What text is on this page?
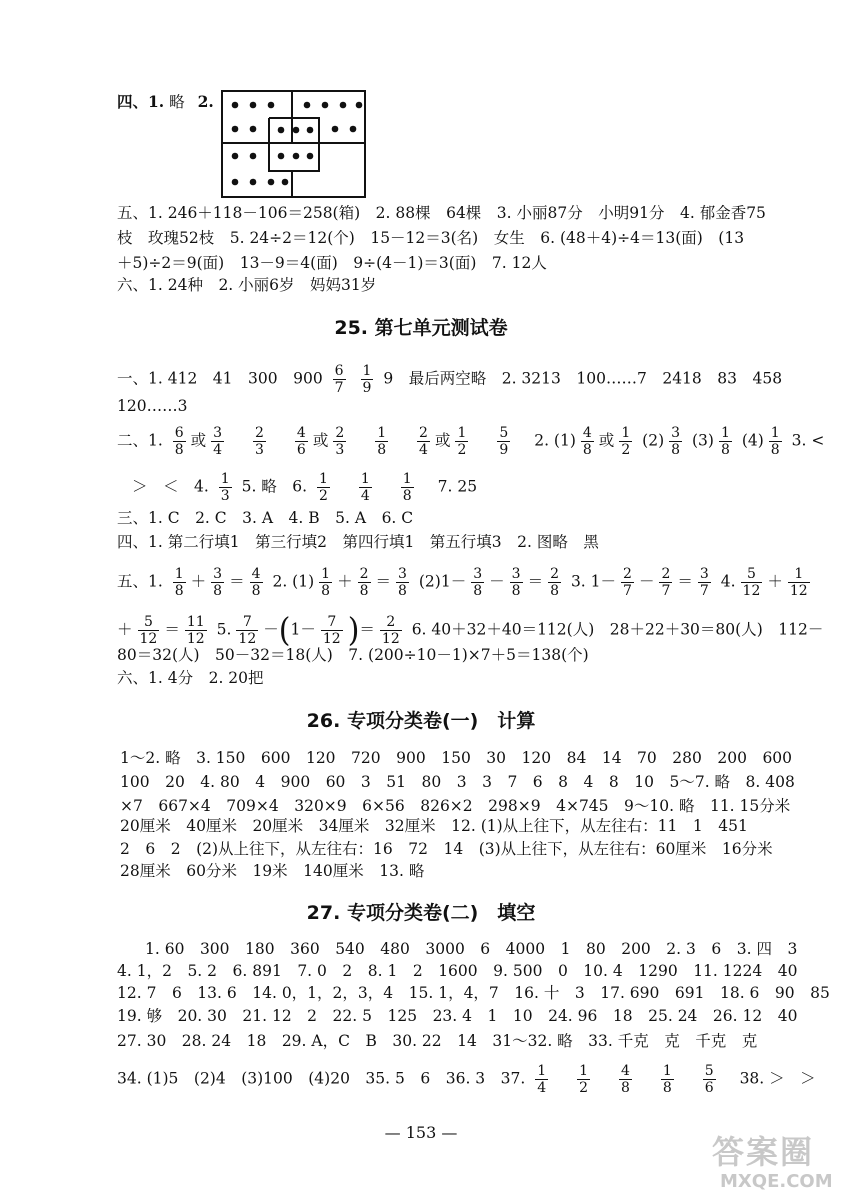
四、1. 略 2.
五、1. 246＋118－106＝258(箱)　2. 88棵　64棵　3. 小丽87分　小明91分　4. 郁金香75
枝　玫瑰52枝　5. 24÷2＝12(个)　15－12＝3(名)　女生　6. (48＋4)÷4＝13(面)　(13
＋5)÷2＝9(面)　13－9＝4(面)　9÷(4－1)＝3(面)　7. 12人
六、1. 24种　2. 小丽6岁　妈妈31岁
25. 第七单元测试卷
一、1. 412　41　300　$900 \frac{6}{7}$
$\frac{1}{9} 9$　最后两空略　2. 3213　100……7　2418　83　458
120……3
二、1. $\frac{6}{8}$ 或 $\frac{3}{4}$
$\frac{2}{3}$
$\frac{4}{6}$ 或 $\frac{2}{3}$
$\frac{1}{8}$
$\frac{2}{4}$ 或 $\frac{1}{2}$
$\frac{5}{9} 2$. $(1) \frac{4}{8}$ 或 $\frac{1}{2} (2) \frac{3}{8} (3) \frac{1}{8} (4) \frac{1}{8} 3$. <
＞　＜　4. $\frac{1}{3} 5$. 略　6. $\frac{1}{2}$
$\frac{1}{4}$
$\frac{1}{8} 7$. 25
三、1. C　2. C　3. A　4. B　5. A　6. C
四、1. 第二行填1　第三行填2　第四行填1　第五行填3　2. 图略　黑
五、1. $\frac{1}{8} + \frac{3}{8} = \frac{4}{8} 2$. $(1) \frac{1}{8} + \frac{2}{8} = \frac{3}{8} (2)1- \frac{3}{8} - \frac{3}{8} = \frac{2}{8} 3$. $1- \frac{2}{7} - \frac{2}{7} = \frac{3}{7} 4$. $\frac{5}{12} + \frac{1}{12}$
＋ $\frac{5}{12} = \frac{11}{12} 5$. $\frac{7}{12} -(1- \frac{7}{12}$ )＝ $\frac{2}{12} 6$. 40＋32＋40＝112(人)　28＋22＋30＝80(人)　112－
80＝32(人)　50－32＝18(人)　7. (200÷10－1)×7＋5＝138(个)
六、1. 4分　2. 20把
26. 专项分类卷(一)　计算
1～2. 略　3. 150　600　120　720　900　150　30　120　84　14　70　280　200　600
100　20　4. 80　4　900　60　3　51　80　3　3　7　6　8　4　8　10　5～7. 略　8. 408
×7　667×4　709×4　320×9　6×56　826×2　298×9　4×745　9～10. 略　11. 15分米
20厘米　40厘米　20厘米　34厘米　32厘米　12. (1)从上往下，从左往右：11　1　451
2　6　2　(2)从上往下，从左往右：16　72　14　(3)从上往下，从左往右：60厘米　16分米
28厘米　60分米　19米　140厘米　13. 略
27. 专项分类卷(二)　填空
1. 60　300　180　360　540　480　3000　6　4000　1　80　200　2. 3　6　3. 四　3
4. 1，2　5. 2　6. 891　7. 0　2　8. 1　2　1600　9. 500　0　10. 4　1290　11. 1224　40
12. 7　6　13. 6　14. 0，1，2，3，4　15. 1，4，7　16. 十　3　17. 690　691　18. 6　90　85
19. 够　20. 30　21. 12　2　22. 5　125　23. 4　1　10　24. 96　18　25. 24　26. 12　40
27. 30　28. 24　18　29. A，C　B　30. 22　14　31～32. 略　33. 千克　克　千克　克
34. (1)5　(2)4　(3)100　(4)20　35. 5　6　36. 3　37. $\frac{1}{4}$
$\frac{1}{2}$
$\frac{4}{8}$
$\frac{1}{8}$
$\frac{5}{6} 38$. ＞　＞
— 153 —
答案圈
MXQE.COM
